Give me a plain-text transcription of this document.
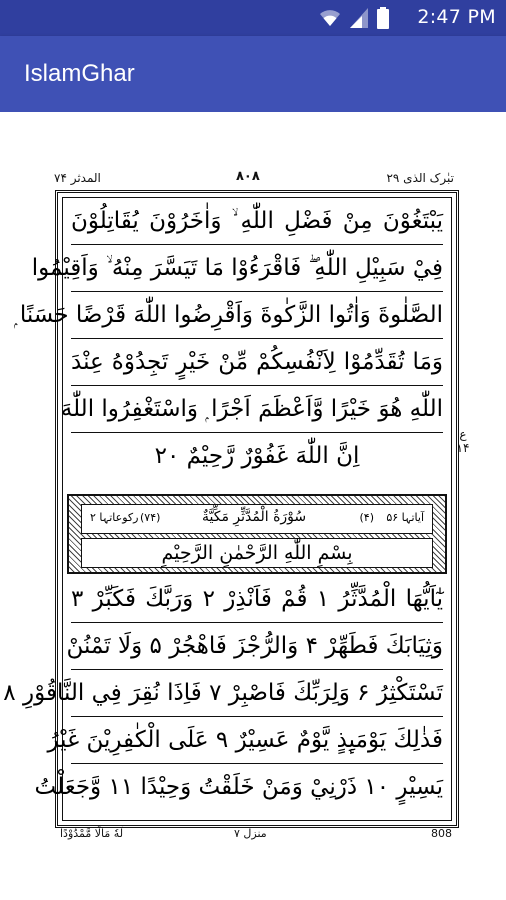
2:47 PM
IslamGhar
المدثر ۷۴	۸۰۸	تبٰرک الذی ۲۹
يَبْتَغُوْنَ مِنْ فَضْلِ اللّٰهِ ۙ وَاٰخَرُوْنَ يُقَاتِلُوْنَ
فِيْ سَبِيْلِ اللّٰهِ ۖ فَاقْرَءُوْا مَا تَيَسَّرَ مِنْهُ ۙ وَاَقِيْمُوا
الصَّلٰوةَ وَاٰتُوا الزَّكٰوةَ وَاَقْرِضُوا اللّٰهَ قَرْضًا حَسَنًا ۭ
وَمَا تُقَدِّمُوْا لِاَنْفُسِكُمْ مِّنْ خَيْرٍ تَجِدُوْهُ عِنْدَ
اللّٰهِ هُوَ خَيْرًا وَّاَعْظَمَ اَجْرًا ۭ وَاسْتَغْفِرُوا اللّٰهَ
اِنَّ اللّٰهَ غَفُوْرٌ رَّحِيْمٌ ۲۰
رکوعاتہا ۲ (۷۴)	سُوْرَةُ الْمُدَّثِّرِ مَكِّيَّةٌ	(۴) آیاتہا ۵۶
بِسْمِ اللّٰهِ الرَّحْمٰنِ الرَّحِيْمِ
يٰٓاَيُّهَا الْمُدَّثِّرُ ۱ قُمْ فَاَنْذِرْ ۲ وَرَبَّكَ فَكَبِّرْ ۳
وَثِيَابَكَ فَطَهِّرْ ۴ وَالرُّجْزَ فَاهْجُرْ ۵ وَلَا تَمْنُنْ
تَسْتَكْثِرُ ۶ وَلِرَبِّكَ فَاصْبِرْ ۷ فَاِذَا نُقِرَ فِي النَّاقُوْرِ ۸
فَذٰلِكَ يَوْمَىِٕذٍ يَّوْمٌ عَسِيْرٌ ۹ عَلَى الْكٰفِرِيْنَ غَيْرُ
يَسِيْرٍ ۱۰ ذَرْنِيْ وَمَنْ خَلَقْتُ وَحِيْدًا ۱۱ وَّجَعَلْتُ
ع ۱۴
لَهٗ مَالًا مَّمْدُوْدًا	منزل ۷	808
